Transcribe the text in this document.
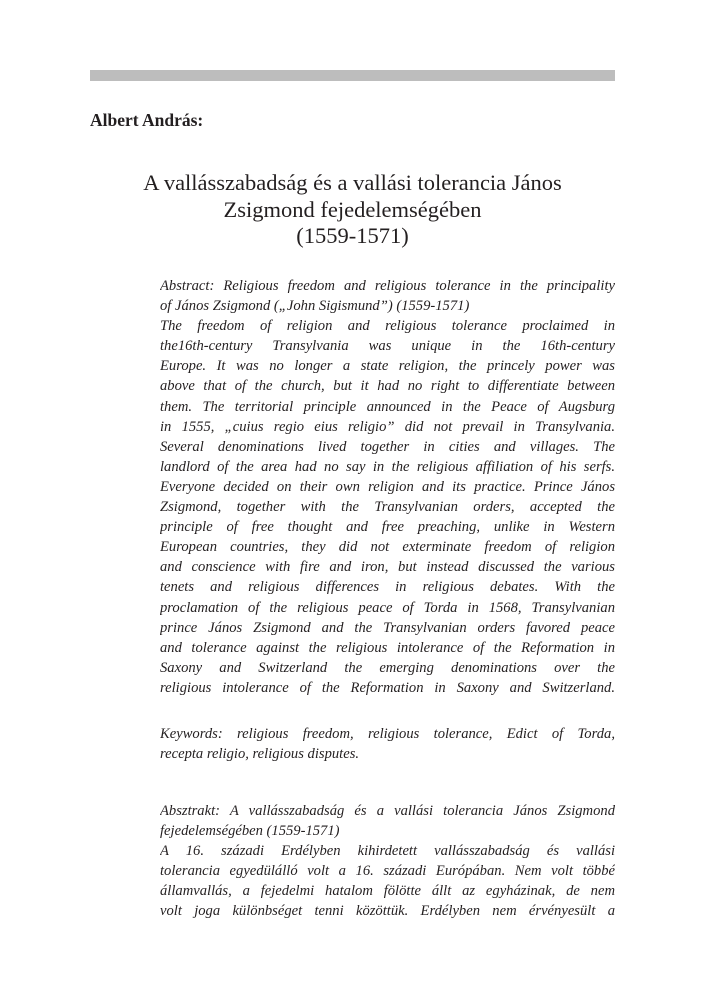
Albert András:
A vallásszabadság és a vallási tolerancia János
Zsigmond fejedelemségében
(1559-1571)
Abstract: Religious freedom and religious tolerance in the principality
of János Zsigmond („John Sigismund”) (1559-1571)
The freedom of religion and religious tolerance proclaimed in
the16th-century Transylvania was unique in the 16th-century
Europe. It was no longer a state religion, the princely power was
above that of the church, but it had no right to differentiate between
them. The territorial principle announced in the Peace of Augsburg
in 1555, „cuius regio eius religio” did not prevail in Transylvania.
Several denominations lived together in cities and villages. The
landlord of the area had no say in the religious affiliation of his serfs.
Everyone decided on their own religion and its practice. Prince János
Zsigmond, together with the Transylvanian orders, accepted the
principle of free thought and free preaching, unlike in Western
European countries, they did not exterminate freedom of religion
and conscience with fire and iron, but instead discussed the various
tenets and religious differences in religious debates. With the
proclamation of the religious peace of Torda in 1568, Transylvanian
prince János Zsigmond and the Transylvanian orders favored peace
and tolerance against the religious intolerance of the Reformation in
Saxony and Switzerland the emerging denominations over the
religious intolerance of the Reformation in Saxony and Switzerland.
Keywords: religious freedom, religious tolerance, Edict of Torda,
recepta religio, religious disputes.
Absztrakt: A vallásszabadság és a vallási tolerancia János Zsigmond
fejedelemségében (1559-1571)
A 16. századi Erdélyben kihirdetett vallásszabadság és vallási
tolerancia egyedülálló volt a 16. századi Európában. Nem volt többé
államvallás, a fejedelmi hatalom fölötte állt az egyházinak, de nem
volt joga különbséget tenni közöttük. Erdélyben nem érvényesült a
